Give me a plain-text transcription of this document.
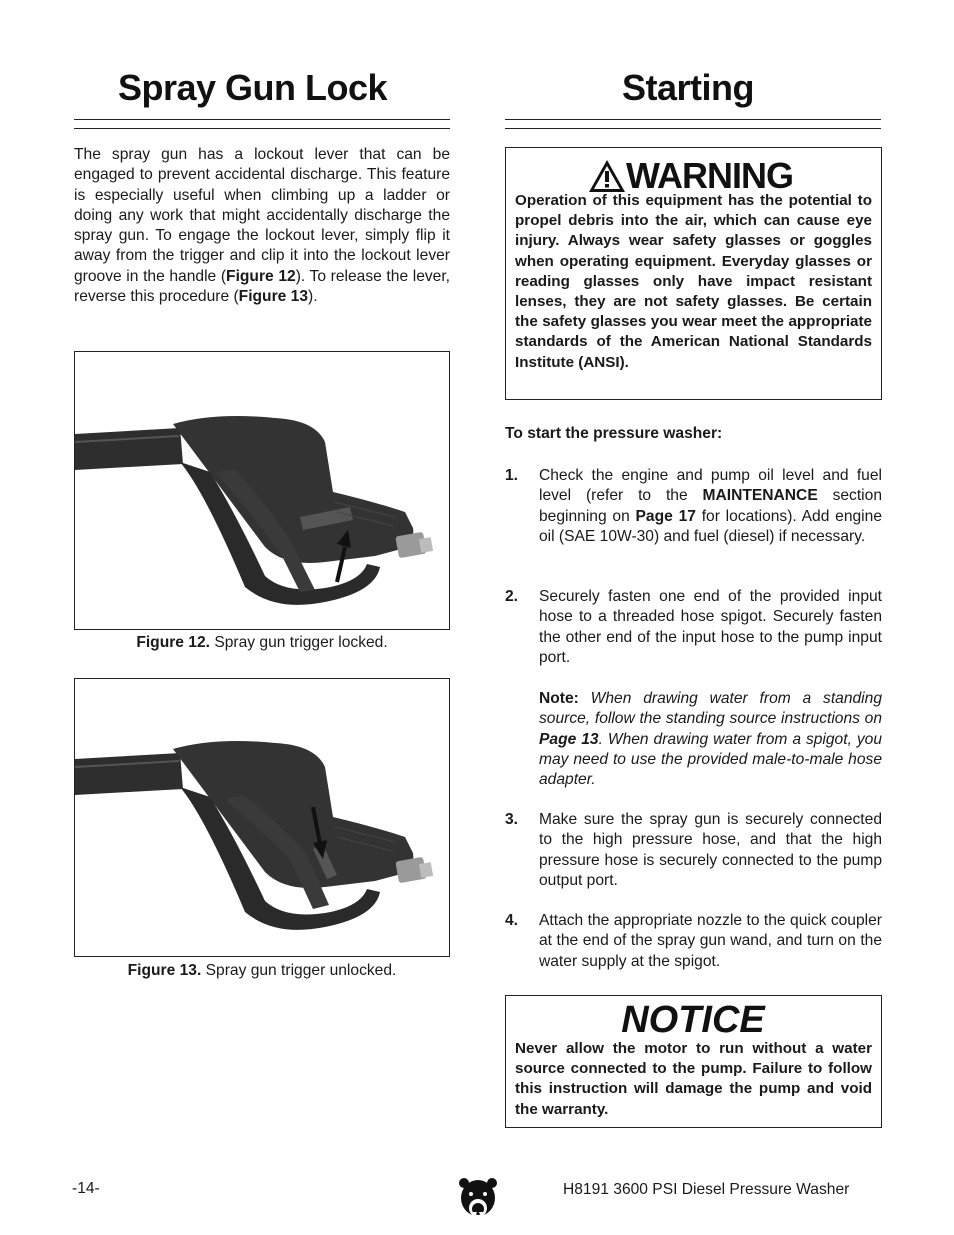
Spray Gun Lock
The spray gun has a lockout lever that can be engaged to prevent accidental discharge. This feature is especially useful when climbing up a ladder or doing any work that might accidentally discharge the spray gun. To engage the lockout lever, simply flip it away from the trigger and clip it into the lockout lever groove in the handle (Figure 12). To release the lever, reverse this procedure (Figure 13).
Figure 12. Spray gun trigger locked.
Figure 13. Spray gun trigger unlocked.
Starting
WARNING
Operation of this equipment has the potential to propel debris into the air, which can cause eye injury. Always wear safety glasses or goggles when operating equipment. Everyday glasses or reading glasses only have impact resistant lenses, they are not safety glasses. Be certain the safety glasses you wear meet the appropriate standards of the American National Standards Institute (ANSI).
To start the pressure washer:
1. Check the engine and pump oil level and fuel level (refer to the MAINTENANCE section beginning on Page 17 for locations). Add engine oil (SAE 10W-30) and fuel (diesel) if necessary.
2. Securely fasten one end of the provided input hose to a threaded hose spigot. Securely fasten the other end of the input hose to the pump input port.
Note: When drawing water from a standing source, follow the standing source instructions on Page 13. When drawing water from a spigot, you may need to use the provided male-to-male hose adapter.
3. Make sure the spray gun is securely connected to the high pressure hose, and that the high pressure hose is securely connected to the pump output port.
4. Attach the appropriate nozzle to the quick coupler at the end of the spray gun wand, and turn on the water supply at the spigot.
NOTICE
Never allow the motor to run without a water source connected to the pump. Failure to follow this instruction will damage the pump and void the warranty.
-14-	H8191 3600 PSI Diesel Pressure Washer
